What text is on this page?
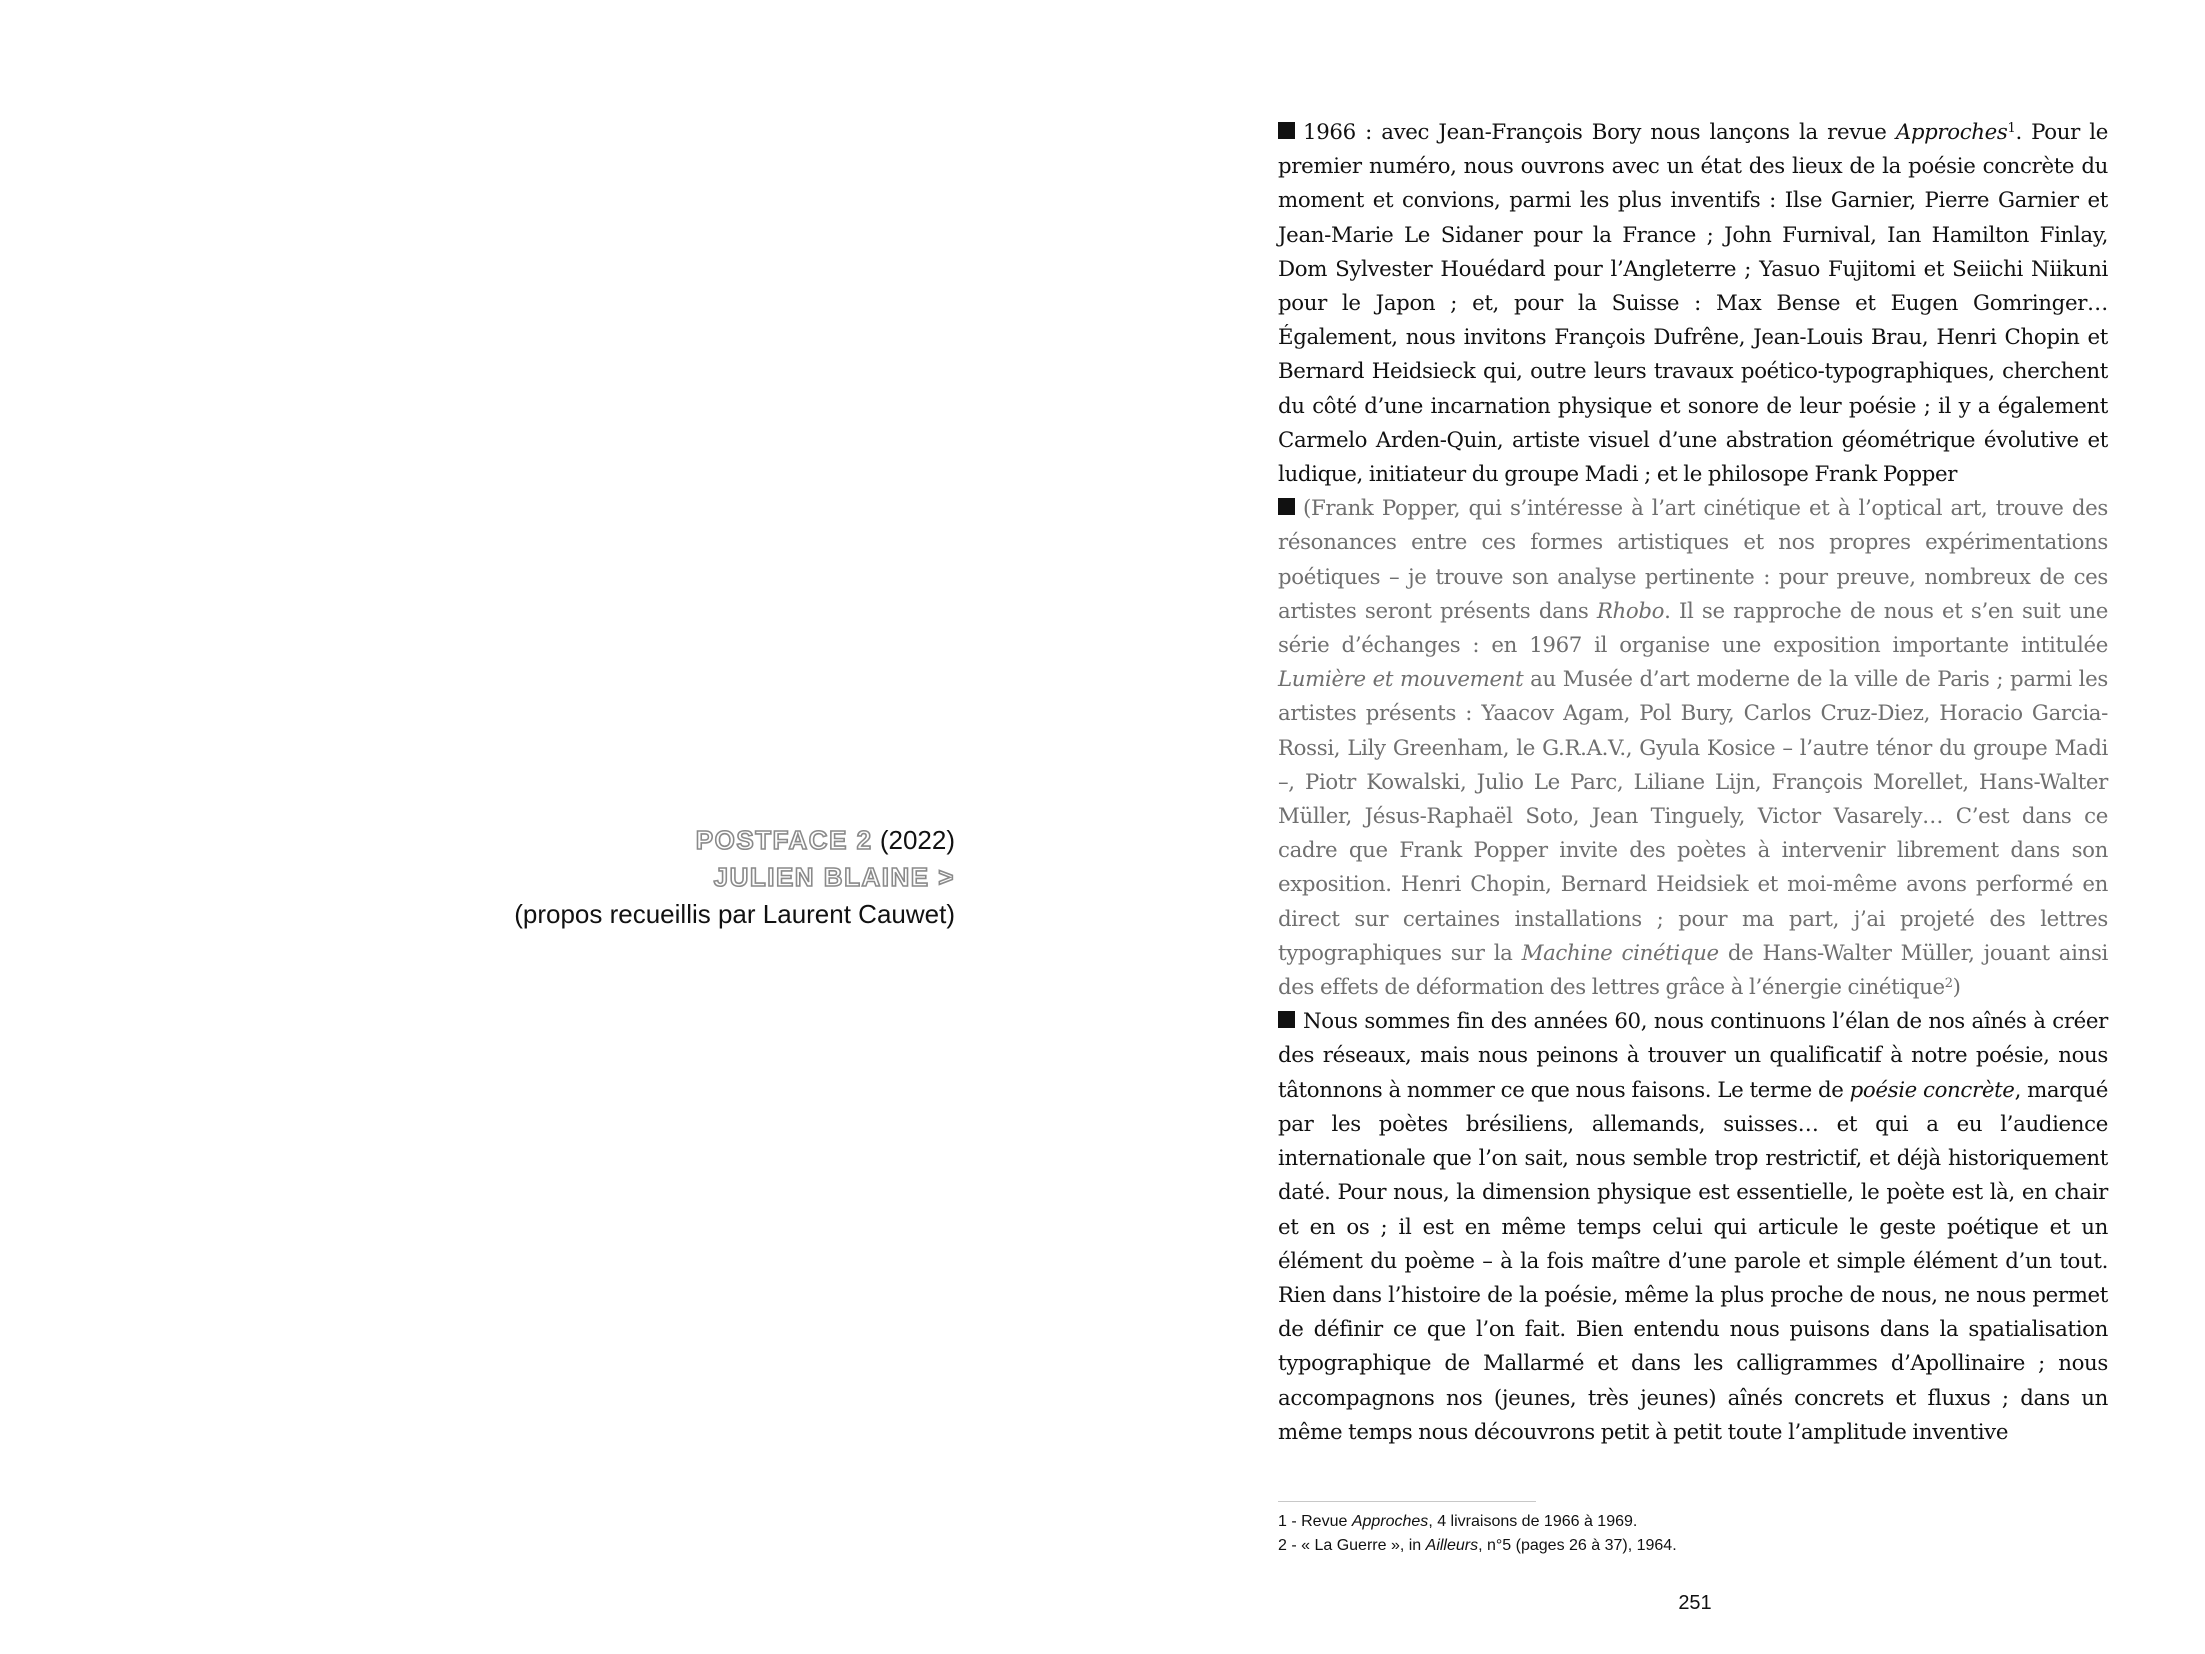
POSTFACE 2 (2022)
JULIEN BLAINE >
(propos recueillis par Laurent Cauwet)

1966 : avec Jean-François Bory nous lançons la revue Approches$^1$. Pour le premier numéro, nous ouvrons avec un état des lieux de la poésie concrète du moment et convions, parmi les plus inventifs : Ilse Garnier, Pierre Garnier et Jean-Marie Le Sidaner pour la France ; John Furnival, Ian Hamilton Finlay, Dom Sylvester Houédard pour l’Angleterre ; Yasuo Fujitomi et Seiichi Niikuni pour le Japon ; et, pour la Suisse : Max Bense et Eugen Gomringer… Également, nous invitons François Dufrêne, Jean-Louis Brau, Henri Chopin et Bernard Heidsieck qui, outre leurs travaux poético-typographiques, cherchent du côté d’une incarnation physique et sonore de leur poésie ; il y a également Carmelo Arden-Quin, artiste visuel d’une abstration géométrique évolutive et ludique, initiateur du groupe Madi ; et le philosope Frank Popper

(Frank Popper, qui s’intéresse à l’art cinétique et à l’optical art, trouve des résonances entre ces formes artistiques et nos propres expérimentations poétiques – je trouve son analyse pertinente : pour preuve, nombreux de ces artistes seront présents dans Rhobo. Il se rapproche de nous et s’en suit une série d’échanges : en 1967 il organise une exposition importante intitulée Lumière et mouvement au Musée d’art moderne de la ville de Paris ; parmi les artistes présents : Yaacov Agam, Pol Bury, Carlos Cruz-Diez, Horacio Garcia-Rossi, Lily Greenham, le G.R.A.V., Gyula Kosice – l’autre ténor du groupe Madi –, Piotr Kowalski, Julio Le Parc, Liliane Lijn, François Morellet, Hans-Walter Müller, Jésus-Raphaël Soto, Jean Tinguely, Victor Vasarely… C’est dans ce cadre que Frank Popper invite des poètes à intervenir librement dans son exposition. Henri Chopin, Bernard Heidsiek et moi-même avons performé en direct sur certaines installations ; pour ma part, j’ai projeté des lettres typographiques sur la Machine cinétique de Hans-Walter Müller, jouant ainsi des effets de déformation des lettres grâce à l’énergie cinétique$^2$)

Nous sommes fin des années 60, nous continuons l’élan de nos aînés à créer des réseaux, mais nous peinons à trouver un qualificatif à notre poésie, nous tâtonnons à nommer ce que nous faisons. Le terme de poésie concrète, marqué par les poètes brésiliens, allemands, suisses… et qui a eu l’audience internationale que l’on sait, nous semble trop restrictif, et déjà historiquement daté. Pour nous, la dimension physique est essentielle, le poète est là, en chair et en os ; il est en même temps celui qui articule le geste poétique et un élément du poème – à la fois maître d’une parole et simple élément d’un tout. Rien dans l’histoire de la poésie, même la plus proche de nous, ne nous permet de définir ce que l’on fait. Bien entendu nous puisons dans la spatialisation typographique de Mallarmé et dans les calligrammes d’Apollinaire ; nous accompagnons nos (jeunes, très jeunes) aînés concrets et fluxus ; dans un même temps nous découvrons petit à petit toute l’amplitude inventive

1 - Revue Approches, 4 livraisons de 1966 à 1969.
2 - « La Guerre », in Ailleurs, n°5 (pages 26 à 37), 1964.
251
